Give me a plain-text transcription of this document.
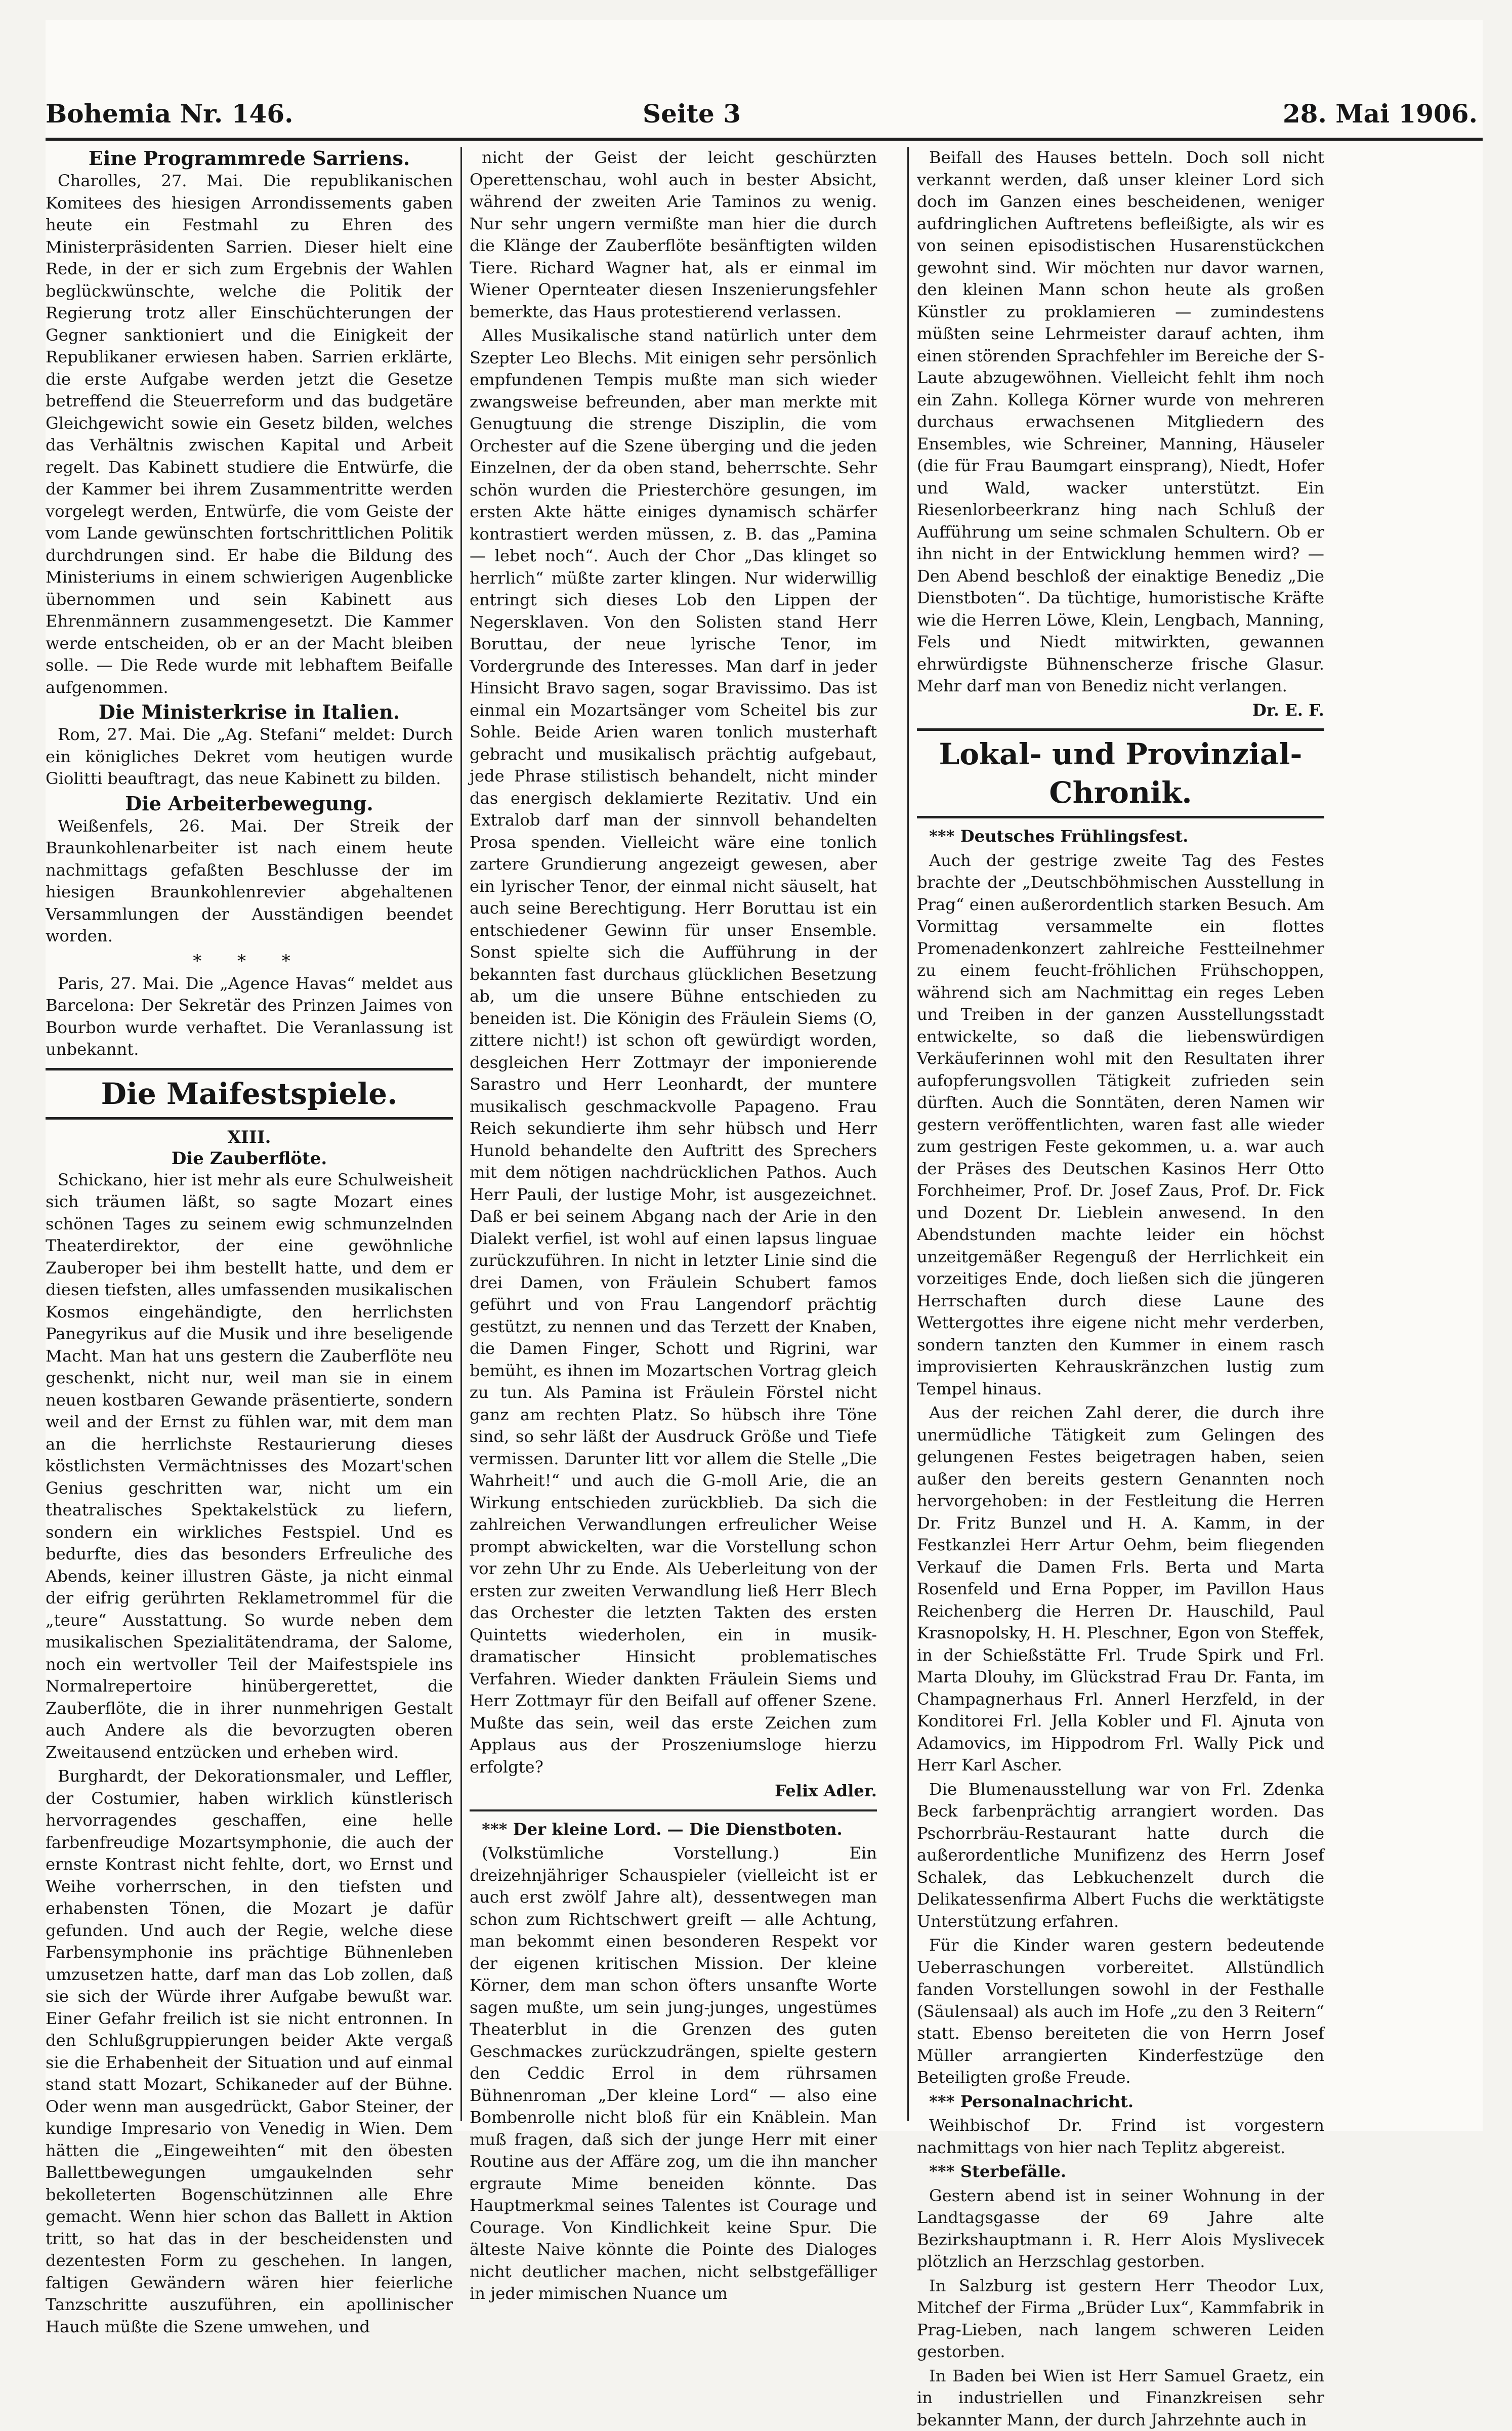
Bohemia Nr. 146.	Seite 3	28. Mai 1906.
Eine Programmrede Sarriens.

Charolles, 27. Mai. Die republikanischen Komitees des hiesigen Arrondissements gaben heute ein Festmahl zu Ehren des Ministerpräsidenten Sarrien. Dieser hielt eine Rede, in der er sich zum Ergebnis der Wahlen beglückwünschte, welche die Politik der Regierung trotz aller Einschüchterungen der Gegner sanktioniert und die Einigkeit der Republikaner erwiesen haben. Sarrien erklärte, die erste Aufgabe werden jetzt die Gesetze betreffend die Steuerreform und das budgetäre Gleichgewicht sowie ein Gesetz bilden, welches das Verhältnis zwischen Kapital und Arbeit regelt. Das Kabinett studiere die Entwürfe, die der Kammer bei ihrem Zusammentritte werden vorgelegt werden, Entwürfe, die vom Geiste der vom Lande gewünschten fortschrittlichen Politik durchdrungen sind. Er habe die Bildung des Ministeriums in einem schwierigen Augenblicke übernommen und sein Kabinett aus Ehrenmännern zusammengesetzt. Die Kammer werde entscheiden, ob er an der Macht bleiben solle. — Die Rede wurde mit lebhaftem Beifalle aufgenommen.

Die Ministerkrise in Italien.

Rom, 27. Mai. Die „Ag. Stefani“ meldet: Durch ein königliches Dekret vom heutigen wurde Giolitti beauftragt, das neue Kabinett zu bilden.

Die Arbeiterbewegung.

Weißenfels, 26. Mai. Der Streik der Braunkohlenarbeiter ist nach einem heute nachmittags gefaßten Beschlusse der im hiesigen Braunkohlenrevier abgehaltenen Versammlungen der Ausständigen beendet worden.

* * *

Paris, 27. Mai. Die „Agence Havas“ meldet aus Barcelona: Der Sekretär des Prinzen Jaimes von Bourbon wurde verhaftet. Die Veranlassung ist unbekannt.

Die Maifestspiele.
XIII.
Die Zauberflöte.

Schickano, hier ist mehr als eure Schulweisheit sich träumen läßt, so sagte Mozart eines schönen Tages zu seinem ewig schmunzelnden Theaterdirektor, der eine gewöhnliche Zauberoper bei ihm bestellt hatte, und dem er diesen tiefsten, alles umfassenden musikalischen Kosmos eingehändigte, den herrlichsten Panegyrikus auf die Musik und ihre beseligende Macht. Man hat uns gestern die Zauberflöte neu geschenkt, nicht nur, weil man sie in einem neuen kostbaren Gewande präsentierte, sondern weil and der Ernst zu fühlen war, mit dem man an die herrlichste Restaurierung dieses köstlichsten Vermächtnisses des Mozart'schen Genius geschritten war, nicht um ein theatralisches Spektakelstück zu liefern, sondern ein wirkliches Festspiel. Und es bedurfte, dies das besonders Erfreuliche des Abends, keiner illustren Gäste, ja nicht einmal der eifrig gerührten Reklametrommel für die „teure“ Ausstattung. So wurde neben dem musikalischen Spezialitätendrama, der Salome, noch ein wertvoller Teil der Maifestspiele ins Normalrepertoire hinübergerettet, die Zauberflöte, die in ihrer nunmehrigen Gestalt auch Andere als die bevorzugten oberen Zweitausend entzücken und erheben wird.

Burghardt, der Dekorationsmaler, und Leffler, der Costumier, haben wirklich künstlerisch hervorragendes geschaffen, eine helle farbenfreudige Mozartsymphonie, die auch der ernste Kontrast nicht fehlte, dort, wo Ernst und Weihe vorherrschen, in den tiefsten und erhabensten Tönen, die Mozart je dafür gefunden. Und auch der Regie, welche diese Farbensymphonie ins prächtige Bühnenleben umzusetzen hatte, darf man das Lob zollen, daß sie sich der Würde ihrer Aufgabe bewußt war. Einer Gefahr freilich ist sie nicht entronnen. In den Schlußgruppierungen beider Akte vergaß sie die Erhabenheit der Situation und auf einmal stand statt Mozart, Schikaneder auf der Bühne. Oder wenn man ausgedrückt, Gabor Steiner, der kundige Impresario von Venedig in Wien. Dem hätten die „Eingeweihten“ mit den öbesten Ballettbewegungen umgaukelnden sehr bekolleterten Bogenschützinnen alle Ehre gemacht. Wenn hier schon das Ballett in Aktion tritt, so hat das in der bescheidensten und dezentesten Form zu geschehen. In langen, faltigen Gewändern wären hier feierliche Tanzschritte auszuführen, ein apollinischer Hauch müßte die Szene umwehen, und

nicht der Geist der leicht geschürzten Operettenschau, wohl auch in bester Absicht, während der zweiten Arie Taminos zu wenig. Nur sehr ungern vermißte man hier die durch die Klänge der Zauberflöte besänftigten wilden Tiere. Richard Wagner hat, als er einmal im Wiener Opernteater diesen Inszenierungsfehler bemerkte, das Haus protestierend verlassen.

Alles Musikalische stand natürlich unter dem Szepter Leo Blechs. Mit einigen sehr persönlich empfundenen Tempis mußte man sich wieder zwangsweise befreunden, aber man merkte mit Genugtuung die strenge Disziplin, die vom Orchester auf die Szene überging und die jeden Einzelnen, der da oben stand, beherrschte. Sehr schön wurden die Priesterchöre gesungen, im ersten Akte hätte einiges dynamisch schärfer kontrastiert werden müssen, z. B. das „Pamina — lebet noch“. Auch der Chor „Das klinget so herrlich“ müßte zarter klingen. Nur widerwillig entringt sich dieses Lob den Lippen der Negersklaven. Von den Solisten stand Herr Boruttau, der neue lyrische Tenor, im Vordergrunde des Interesses. Man darf in jeder Hinsicht Bravo sagen, sogar Bravissimo. Das ist einmal ein Mozartsänger vom Scheitel bis zur Sohle. Beide Arien waren tonlich musterhaft gebracht und musikalisch prächtig aufgebaut, jede Phrase stilistisch behandelt, nicht minder das energisch deklamierte Rezitativ. Und ein Extralob darf man der sinnvoll behandelten Prosa spenden. Vielleicht wäre eine tonlich zartere Grundierung angezeigt gewesen, aber ein lyrischer Tenor, der einmal nicht säuselt, hat auch seine Berechtigung. Herr Boruttau ist ein entschiedener Gewinn für unser Ensemble. Sonst spielte sich die Aufführung in der bekannten fast durchaus glücklichen Besetzung ab, um die unsere Bühne entschieden zu beneiden ist. Die Königin des Fräulein Siems (O, zittere nicht!) ist schon oft gewürdigt worden, desgleichen Herr Zottmayr der imponierende Sarastro und Herr Leonhardt, der muntere musikalisch geschmackvolle Papageno. Frau Reich sekundierte ihm sehr hübsch und Herr Hunold behandelte den Auftritt des Sprechers mit dem nötigen nachdrücklichen Pathos. Auch Herr Pauli, der lustige Mohr, ist ausgezeichnet. Daß er bei seinem Abgang nach der Arie in den Dialekt verfiel, ist wohl auf einen lapsus linguae zurückzuführen. In nicht in letzter Linie sind die drei Damen, von Fräulein Schubert famos geführt und von Frau Langendorf prächtig gestützt, zu nennen und das Terzett der Knaben, die Damen Finger, Schott und Rigrini, war bemüht, es ihnen im Mozartschen Vortrag gleich zu tun. Als Pamina ist Fräulein Förstel nicht ganz am rechten Platz. So hübsch ihre Töne sind, so sehr läßt der Ausdruck Größe und Tiefe vermissen. Darunter litt vor allem die Stelle „Die Wahrheit!“ und auch die G-moll Arie, die an Wirkung entschieden zurückblieb. Da sich die zahlreichen Verwandlungen erfreulicher Weise prompt abwickelten, war die Vorstellung schon vor zehn Uhr zu Ende. Als Ueberleitung von der ersten zur zweiten Verwandlung ließ Herr Blech das Orchester die letzten Takten des ersten Quintetts wiederholen, ein in musik-dramatischer Hinsicht problematisches Verfahren. Wieder dankten Fräulein Siems und Herr Zottmayr für den Beifall auf offener Szene. Mußte das sein, weil das erste Zeichen zum Applaus aus der Proszeniumsloge hierzu erfolgte?

Felix Adler.

*** Der kleine Lord. — Die Dienstboten.

(Volkstümliche Vorstellung.) Ein dreizehnjähriger Schauspieler (vielleicht ist er auch erst zwölf Jahre alt), dessentwegen man schon zum Richtschwert greift — alle Achtung, man bekommt einen besonderen Respekt vor der eigenen kritischen Mission. Der kleine Körner, dem man schon öfters unsanfte Worte sagen mußte, um sein jung-junges, ungestümes Theaterblut in die Grenzen des guten Geschmackes zurückzudrängen, spielte gestern den Ceddic Errol in dem rührsamen Bühnenroman „Der kleine Lord“ — also eine Bombenrolle nicht bloß für ein Knäblein. Man muß fragen, daß sich der junge Herr mit einer Routine aus der Affäre zog, um die ihn mancher ergraute Mime beneiden könnte. Das Hauptmerkmal seines Talentes ist Courage und Courage. Von Kindlichkeit keine Spur. Die älteste Naive könnte die Pointe des Dialoges nicht deutlicher machen, nicht selbstgefälliger in jeder mimischen Nuance um

Beifall des Hauses betteln. Doch soll nicht verkannt werden, daß unser kleiner Lord sich doch im Ganzen eines bescheidenen, weniger aufdringlichen Auftretens befleißigte, als wir es von seinen episodistischen Husarenstückchen gewohnt sind. Wir möchten nur davor warnen, den kleinen Mann schon heute als großen Künstler zu proklamieren — zumindestens müßten seine Lehrmeister darauf achten, ihm einen störenden Sprachfehler im Bereiche der S-Laute abzugewöhnen. Vielleicht fehlt ihm noch ein Zahn. Kollega Körner wurde von mehreren durchaus erwachsenen Mitgliedern des Ensembles, wie Schreiner, Manning, Häuseler (die für Frau Baumgart einsprang), Niedt, Hofer und Wald, wacker unterstützt. Ein Riesenlorbeerkranz hing nach Schluß der Aufführung um seine schmalen Schultern. Ob er ihn nicht in der Entwicklung hemmen wird? — Den Abend beschloß der einaktige Benediz „Die Dienstboten“. Da tüchtige, humoristische Kräfte wie die Herren Löwe, Klein, Lengbach, Manning, Fels und Niedt mitwirkten, gewannen ehrwürdigste Bühnenscherze frische Glasur. Mehr darf man von Benediz nicht verlangen.

Dr. E. F.
Lokal- und Provinzial-Chronik.

*** Deutsches Frühlingsfest.

Auch der gestrige zweite Tag des Festes brachte der „Deutschböhmischen Ausstellung in Prag“ einen außerordentlich starken Besuch. Am Vormittag versammelte ein flottes Promenadenkonzert zahlreiche Festteilnehmer zu einem feucht-fröhlichen Frühschoppen, während sich am Nachmittag ein reges Leben und Treiben in der ganzen Ausstellungsstadt entwickelte, so daß die liebenswürdigen Verkäuferinnen wohl mit den Resultaten ihrer aufopferungsvollen Tätigkeit zufrieden sein dürften. Auch die Sonntäten, deren Namen wir gestern veröffentlichten, waren fast alle wieder zum gestrigen Feste gekommen, u. a. war auch der Präses des Deutschen Kasinos Herr Otto Forchheimer, Prof. Dr. Josef Zaus, Prof. Dr. Fick und Dozent Dr. Lieblein anwesend. In den Abendstunden machte leider ein höchst unzeitgemäßer Regenguß der Herrlichkeit ein vorzeitiges Ende, doch ließen sich die jüngeren Herrschaften durch diese Laune des Wettergottes ihre eigene nicht mehr verderben, sondern tanzten den Kummer in einem rasch improvisierten Kehrauskränzchen lustig zum Tempel hinaus.

Aus der reichen Zahl derer, die durch ihre unermüdliche Tätigkeit zum Gelingen des gelungenen Festes beigetragen haben, seien außer den bereits gestern Genannten noch hervorgehoben: in der Festleitung die Herren Dr. Fritz Bunzel und H. A. Kamm, in der Festkanzlei Herr Artur Oehm, beim fliegenden Verkauf die Damen Frls. Berta und Marta Rosenfeld und Erna Popper, im Pavillon Haus Reichenberg die Herren Dr. Hauschild, Paul Krasnopolsky, H. H. Pleschner, Egon von Steffek, in der Schießstätte Frl. Trude Spirk und Frl. Marta Dlouhy, im Glückstrad Frau Dr. Fanta, im Champagnerhaus Frl. Annerl Herzfeld, in der Konditorei Frl. Jella Kobler und Fl. Ajnuta von Adamovics, im Hippodrom Frl. Wally Pick und Herr Karl Ascher.

Die Blumenausstellung war von Frl. Zdenka Beck farbenprächtig arrangiert worden. Das Pschorrbräu-Restaurant hatte durch die außerordentliche Munifizenz des Herrn Josef Schalek, das Lebkuchenzelt durch die Delikatessenfirma Albert Fuchs die werktätigste Unterstützung erfahren.

Für die Kinder waren gestern bedeutende Ueberraschungen vorbereitet. Allstündlich fanden Vorstellungen sowohl in der Festhalle (Säulensaal) als auch im Hofe „zu den 3 Reitern“ statt. Ebenso bereiteten die von Herrn Josef Müller arrangierten Kinderfestzüge den Beteiligten große Freude.

*** Personalnachricht.

Weihbischof Dr. Frind ist vorgestern nachmittags von hier nach Teplitz abgereist.

*** Sterbefälle.

Gestern abend ist in seiner Wohnung in der Landtagsgasse der 69 Jahre alte Bezirkshauptmann i. R. Herr Alois Myslivecek plötzlich an Herzschlag gestorben.

In Salzburg ist gestern Herr Theodor Lux, Mitchef der Firma „Brüder Lux“, Kammfabrik in Prag-Lieben, nach langem schweren Leiden gestorben.

In Baden bei Wien ist Herr Samuel Graetz, ein in industriellen und Finanzkreisen sehr bekannter Mann, der durch Jahrzehnte auch in
